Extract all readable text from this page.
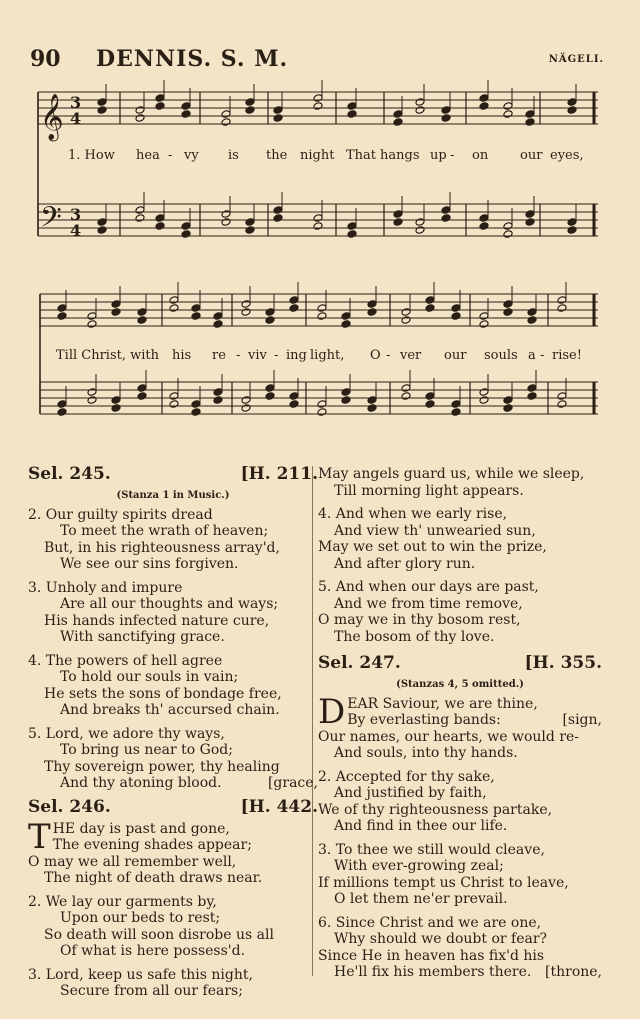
90 DENNIS. S. M.	NÄGELI.
𝄞
𝄢
3
4
3
4
1. How hea - vy is the night That hangs up - on our eyes,
Till Christ, with his re - viv - ing light, O - ver our souls a - rise!
Sel. 245.	[H. 211.
(Stanza 1 in Music.)
2. Our guilty spirits dread
To meet the wrath of heaven;
But, in his righteousness array'd,
We see our sins forgiven.
3. Unholy and impure
Are all our thoughts and ways;
His hands infected nature cure,
With sanctifying grace.
4. The powers of hell agree
To hold our souls in vain;
He sets the sons of bondage free,
And breaks th' accursed chain.
5. Lord, we adore thy ways,
To bring us near to God;
Thy sovereign power, thy healing
And thy atoning blood.	[grace,
Sel. 246.	[H. 442.
T HE day is past and gone,
The evening shades appear;
O may we all remember well,
The night of death draws near.
2. We lay our garments by,
Upon our beds to rest;
So death will soon disrobe us all
Of what is here possess'd.
3. Lord, keep us safe this night,
Secure from all our fears;
May angels guard us, while we sleep,
Till morning light appears.
4. And when we early rise,
And view th' unwearied sun,
May we set out to win the prize,
And after glory run.
5. And when our days are past,
And we from time remove,
O may we in thy bosom rest,
The bosom of thy love.
Sel. 247.	[H. 355.
(Stanzas 4, 5 omitted.)
D EAR Saviour, we are thine,
By everlasting bands:	[sign,
Our names, our hearts, we would re-
And souls, into thy hands.
2. Accepted for thy sake,
And justified by faith,
We of thy righteousness partake,
And find in thee our life.
3. To thee we still would cleave,
With ever-growing zeal;
If millions tempt us Christ to leave,
O let them ne'er prevail.
6. Since Christ and we are one,
Why should we doubt or fear?
Since He in heaven has fix'd his
He'll fix his members there. [throne,
